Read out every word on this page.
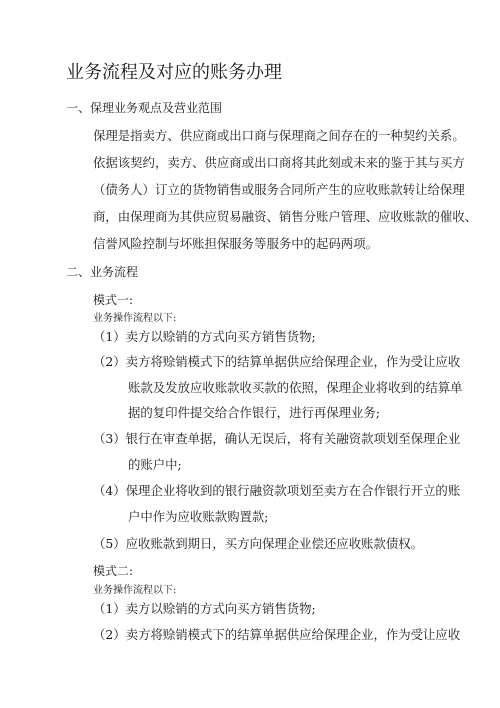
业务流程及对应的账务办理
一、保理业务观点及营业范围
保理是指卖方、供应商或出口商与保理商之间存在的一种契约关系。
依据该契约，卖方、供应商或出口商将其此刻或未来的鉴于其与买方
（债务人）订立的货物销售或服务合同所产生的应收账款转让给保理
商，由保理商为其供应贸易融资、销售分账户管理、应收账款的催收、
信誉风险控制与坏账担保服务等服务中的起码两项。
二、业务流程
模式一:
业务操作流程以下:
（1）卖方以赊销的方式向买方销售货物;
（2）卖方将赊销模式下的结算单据供应给保理企业，作为受让应收
账款及发放应收账款收买款的依照，保理企业将收到的结算单
据的复印件提交给合作银行，进行再保理业务;
（3）银行在审查单据，确认无误后，将有关融资款项划至保理企业
的账户中;
（4）保理企业将收到的银行融资款项划至卖方在合作银行开立的账
户中作为应收账款购置款;
（5）应收账款到期日，买方向保理企业偿还应收账款债权。
模式二:
业务操作流程以下:
（1）卖方以赊销的方式向买方销售货物;
（2）卖方将赊销模式下的结算单据供应给保理企业，作为受让应收
